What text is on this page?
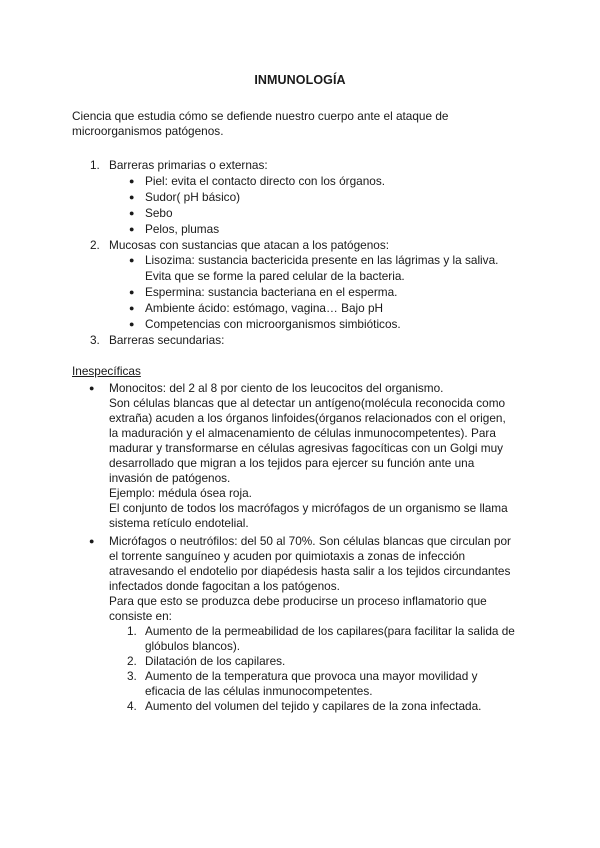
INMUNOLOGÍA
Ciencia que estudia cómo se defiende nuestro cuerpo ante el ataque de
microorganismos patógenos.
1. Barreras primarias o externas:
● Piel: evita el contacto directo con los órganos.
● Sudor( pH básico)
● Sebo
● Pelos, plumas
2. Mucosas con sustancias que atacan a los patógenos:
● Lisozima: sustancia bactericida presente en las lágrimas y la saliva.
Evita que se forme la pared celular de la bacteria.
● Espermina: sustancia bacteriana en el esperma.
● Ambiente ácido: estómago, vagina… Bajo pH
● Competencias con microorganismos simbióticos.
3. Barreras secundarias:
Inespecíficas
● Monocitos: del 2 al 8 por ciento de los leucocitos del organismo.
Son células blancas que al detectar un antígeno(molécula reconocida como
extraña) acuden a los órganos linfoides(órganos relacionados con el origen,
la maduración y el almacenamiento de células inmunocompetentes). Para
madurar y transformarse en células agresivas fagocíticas con un Golgi muy
desarrollado que migran a los tejidos para ejercer su función ante una
invasión de patógenos.
Ejemplo: médula ósea roja.
El conjunto de todos los macrófagos y micrófagos de un organismo se llama
sistema retículo endotelial.
● Micrófagos o neutrófilos: del 50 al 70%. Son células blancas que circulan por
el torrente sanguíneo y acuden por quimiotaxis a zonas de infección
atravesando el endotelio por diapédesis hasta salir a los tejidos circundantes
infectados donde fagocitan a los patógenos.
Para que esto se produzca debe producirse un proceso inflamatorio que
consiste en:
1. Aumento de la permeabilidad de los capilares(para facilitar la salida de
glóbulos blancos).
2. Dilatación de los capilares.
3. Aumento de la temperatura que provoca una mayor movilidad y
eficacia de las células inmunocompetentes.
4. Aumento del volumen del tejido y capilares de la zona infectada.
